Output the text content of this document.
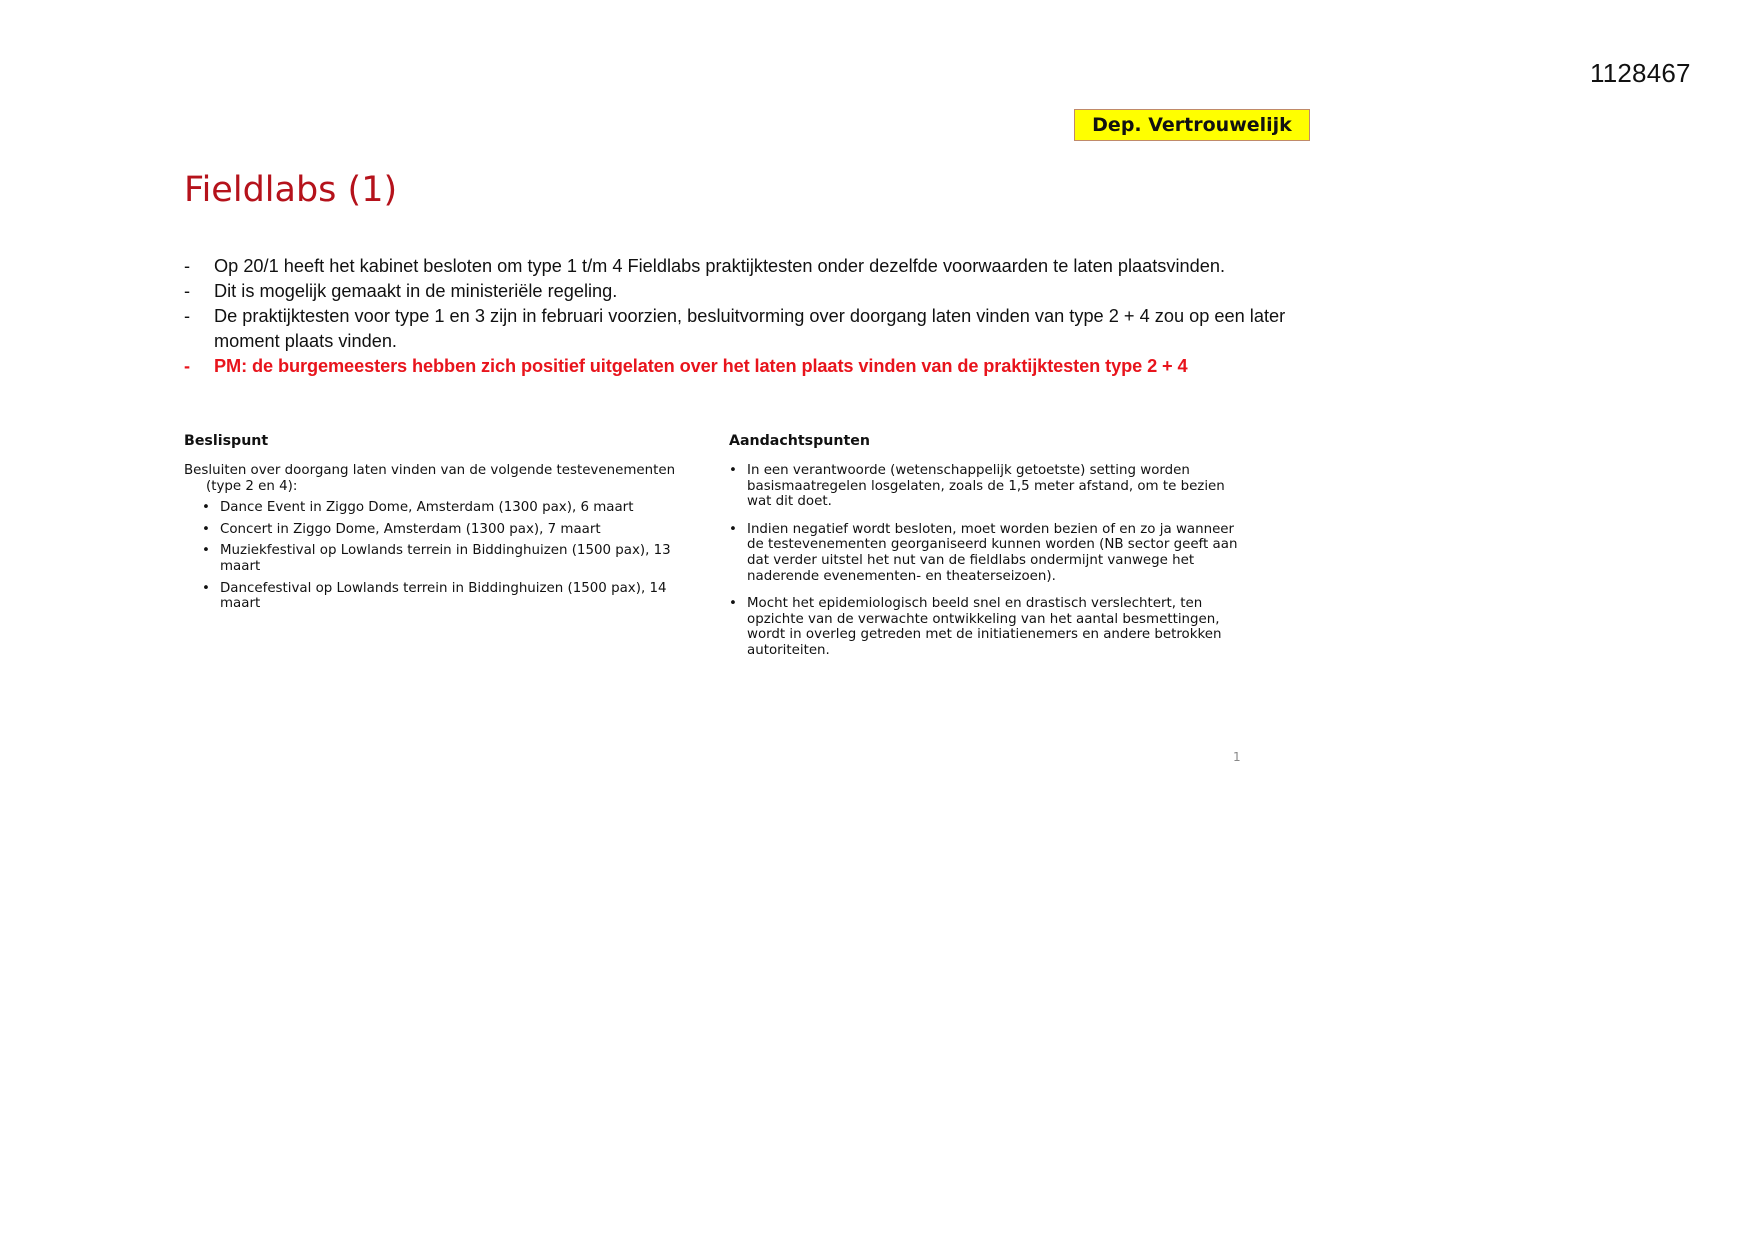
1128467
Dep. Vertrouwelijk
Fieldlabs (1)
- Op 20/1 heeft het kabinet besloten om type 1 t/m 4 Fieldlabs praktijktesten onder dezelfde voorwaarden te laten plaatsvinden.
- Dit is mogelijk gemaakt in de ministeriële regeling.
- De praktijktesten voor type 1 en 3 zijn in februari voorzien, besluitvorming over doorgang laten vinden van type 2 + 4 zou op een later moment plaats vinden.
- PM: de burgemeesters hebben zich positief uitgelaten over het laten plaats vinden van de praktijktesten type 2 + 4
Beslispunt

Besluiten over doorgang laten vinden van de volgende testevenementen (type 2 en 4):

• Dance Event in Ziggo Dome, Amsterdam (1300 pax), 6 maart
• Concert in Ziggo Dome, Amsterdam (1300 pax), 7 maart
• Muziekfestival op Lowlands terrein in Biddinghuizen (1500 pax), 13 maart
• Dancefestival op Lowlands terrein in Biddinghuizen (1500 pax), 14 maart
Aandachtspunten
• In een verantwoorde (wetenschappelijk getoetste) setting worden basismaatregelen losgelaten, zoals de 1,5 meter afstand, om te bezien wat dit doet.
• Indien negatief wordt besloten, moet worden bezien of en zo ja wanneer de testevenementen georganiseerd kunnen worden (NB sector geeft aan dat verder uitstel het nut van de fieldlabs ondermijnt vanwege het naderende evenementen- en theaterseizoen).
• Mocht het epidemiologisch beeld snel en drastisch verslechtert, ten opzichte van de verwachte ontwikkeling van het aantal besmettingen, wordt in overleg getreden met de initiatienemers en andere betrokken autoriteiten.
1
